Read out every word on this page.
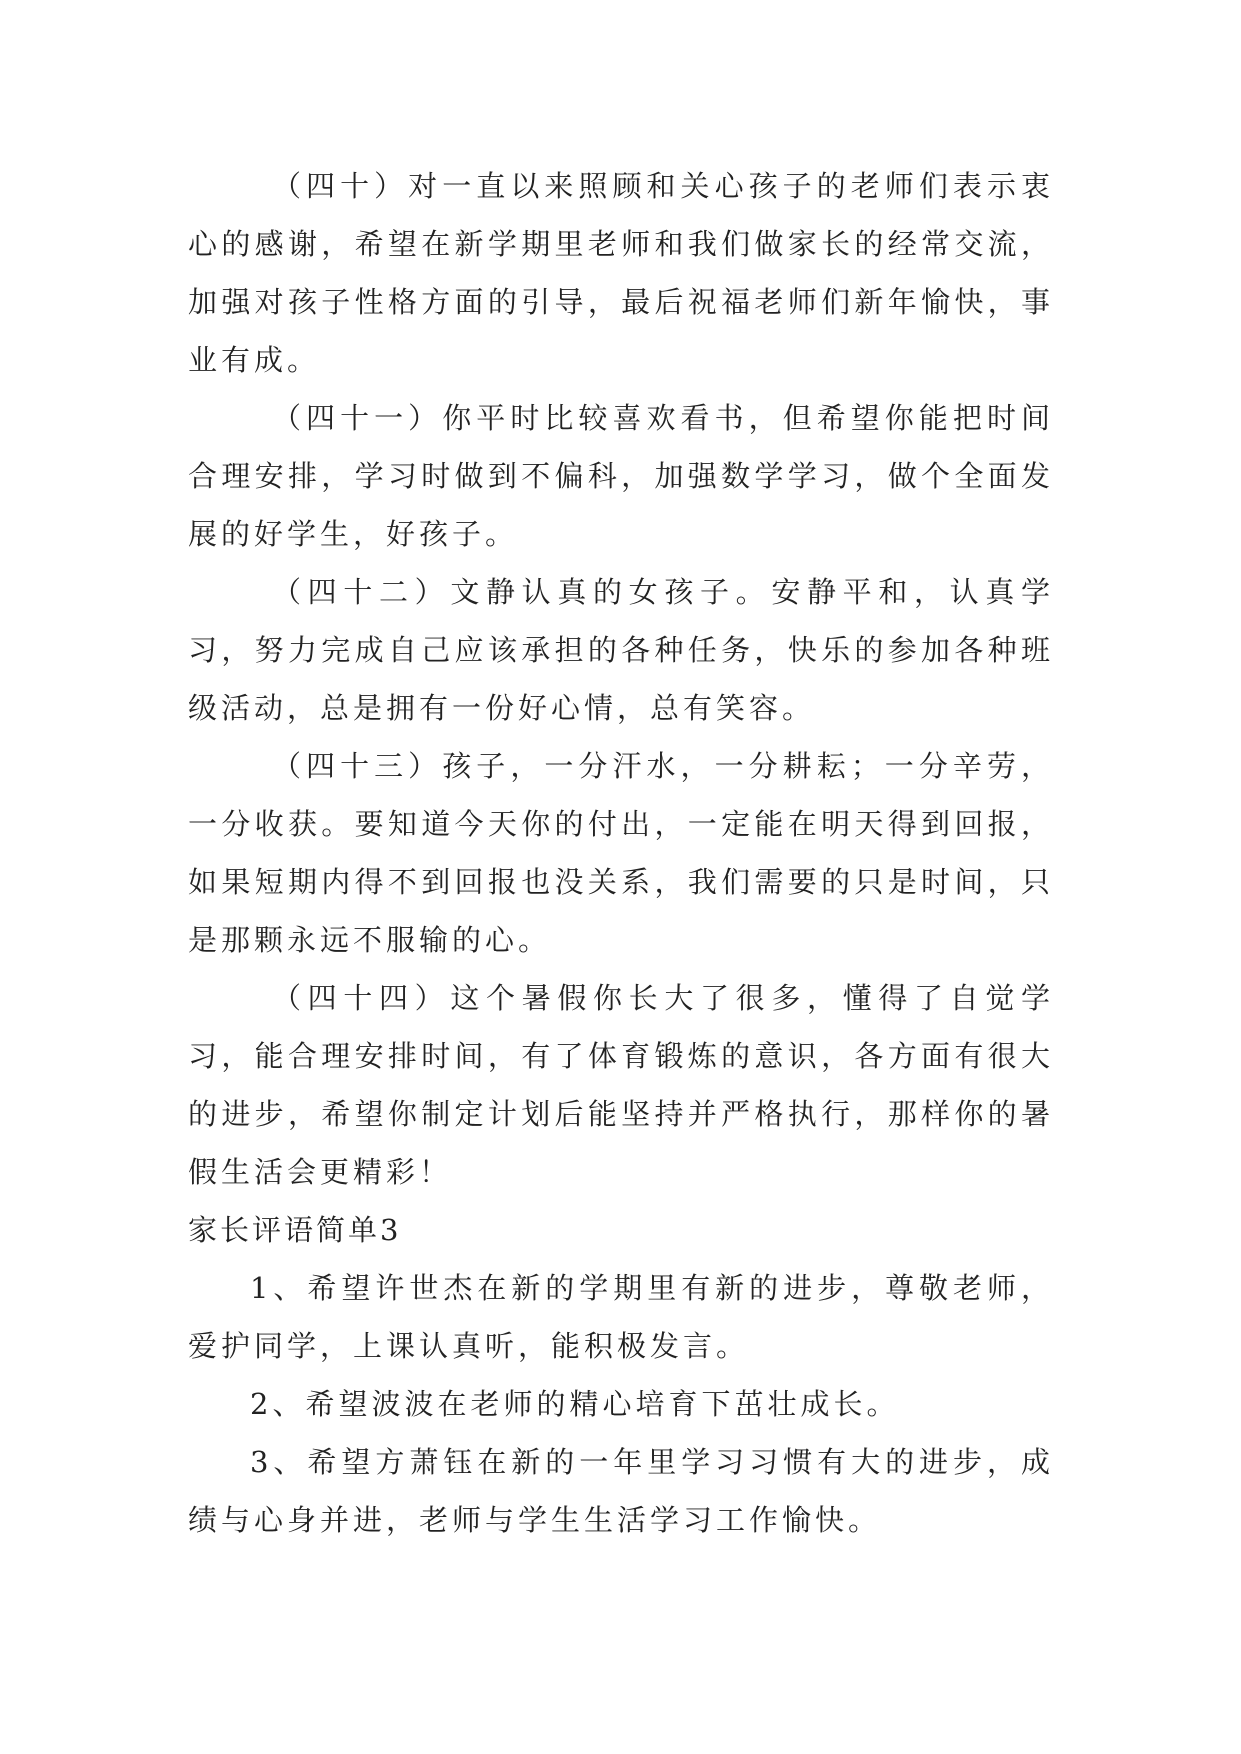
（四十）对一直以来照顾和关心孩子的老师们表示衷心的感谢，希望在新学期里老师和我们做家长的经常交流，加强对孩子性格方面的引导，最后祝福老师们新年愉快，事业有成。

（四十一）你平时比较喜欢看书，但希望你能把时间合理安排，学习时做到不偏科，加强数学学习，做个全面发展的好学生，好孩子。

（四十二）文静认真的女孩子。安静平和，认真学习，努力完成自己应该承担的各种任务，快乐的参加各种班级活动，总是拥有一份好心情，总有笑容。

（四十三）孩子，一分汗水，一分耕耘；一分辛劳，一分收获。要知道今天你的付出，一定能在明天得到回报，如果短期内得不到回报也没关系，我们需要的只是时间，只是那颗永远不服输的心。

（四十四）这个暑假你长大了很多，懂得了自觉学习，能合理安排时间，有了体育锻炼的意识，各方面有很大的进步，希望你制定计划后能坚持并严格执行，那样你的暑假生活会更精彩！

家长评语简单3

1、希望许世杰在新的学期里有新的进步，尊敬老师，爱护同学，上课认真听，能积极发言。

2、希望波波在老师的精心培育下茁壮成长。

3、希望方萧钰在新的一年里学习习惯有大的进步，成绩与心身并进，老师与学生生活学习工作愉快。
